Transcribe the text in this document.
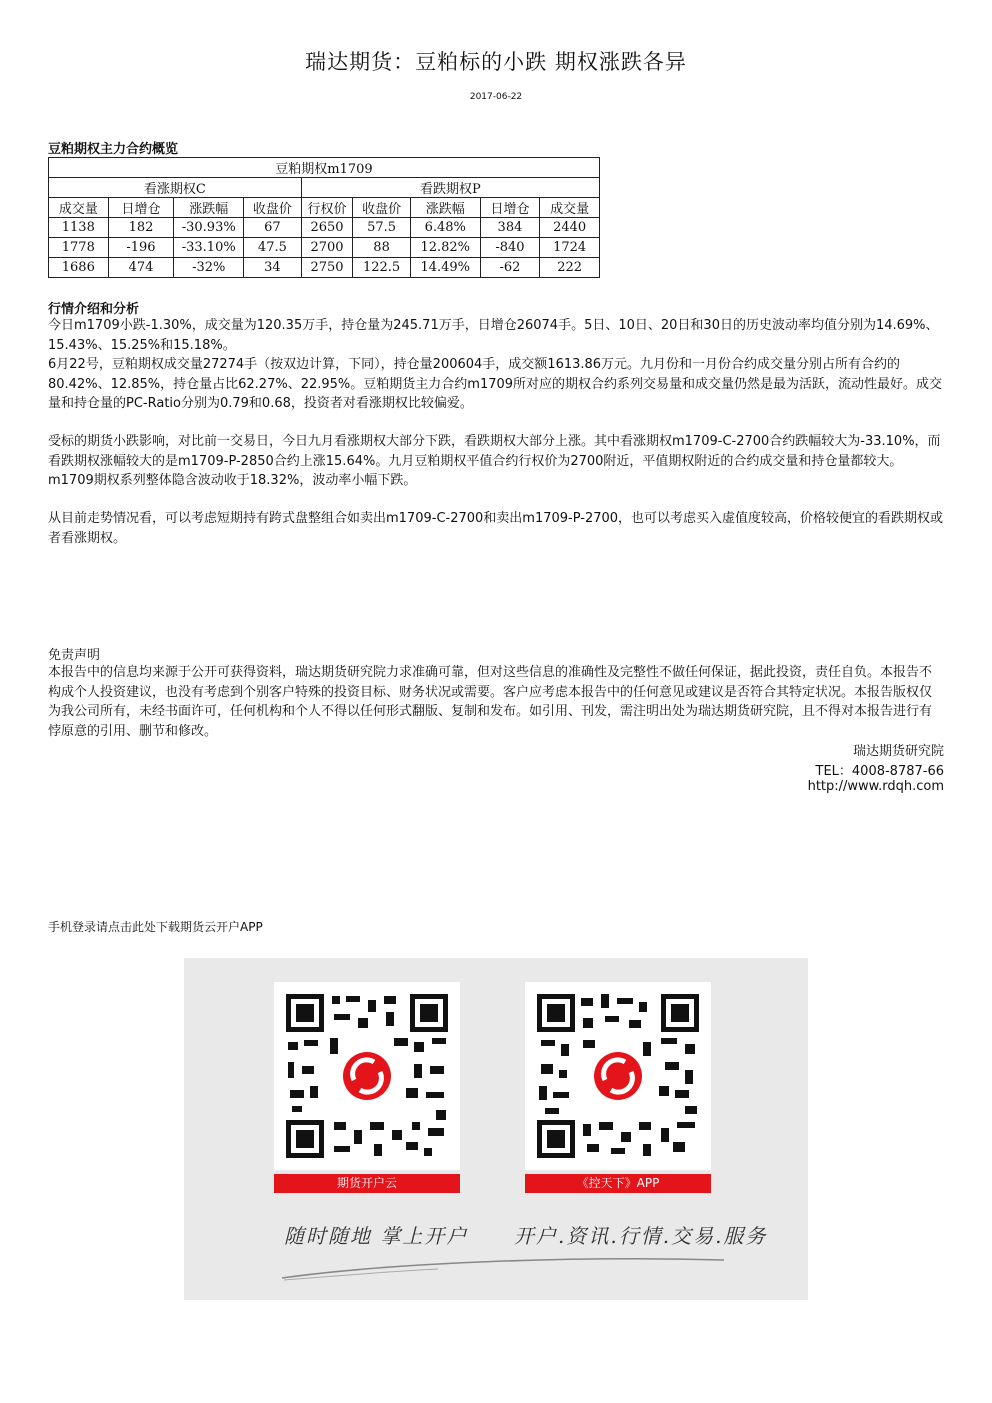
瑞达期货：豆粕标的小跌 期权涨跌各异
2017-06-22
豆粕期权主力合约概览
豆粕期权m1709								
看涨期权C				看跌期权P				
成交量	日增仓	涨跌幅	收盘价	行权价	收盘价	涨跌幅	日增仓	成交量
1138	182	-30.93%	67	2650	57.5	6.48%	384	2440
1778	-196	-33.10%	47.5	2700	88	12.82%	-840	1724
1686	474	-32%	34	2750	122.5	14.49%	-62	222
行情介绍和分析

今日m1709小跌-1.30%，成交量为120.35万手，持仓量为245.71万手，日增仓26074手。5日、10日、20日和30日的历史波动率均值分别为14.69%、15.43%、15.25%和15.18%。

6月22号，豆粕期权成交量27274手（按双边计算，下同），持仓量200604手，成交额1613.86万元。九月份和一月份合约成交量分别占所有合约的80.42%、12.85%，持仓量占比62.27%、22.95%。豆粕期货主力合约m1709所对应的期权合约系列交易量和成交量仍然是最为活跃，流动性最好。成交量和持仓量的PC-Ratio分别为0.79和0.68，投资者对看涨期权比较偏爱。

受标的期货小跌影响，对比前一交易日，今日九月看涨期权大部分下跌，看跌期权大部分上涨。其中看涨期权m1709-C-2700合约跌幅较大为-33.10%，而看跌期权涨幅较大的是m1709-P-2850合约上涨15.64%。九月豆粕期权平值合约行权价为2700附近，平值期权附近的合约成交量和持仓量都较大。m1709期权系列整体隐含波动收于18.32%，波动率小幅下跌。

从目前走势情况看，可以考虑短期持有跨式盘整组合如卖出m1709-C-2700和卖出m1709-P-2700，也可以考虑买入虚值度较高，价格较便宜的看跌期权或者看涨期权。

免责声明
本报告中的信息均来源于公开可获得资料，瑞达期货研究院力求准确可靠，但对这些信息的准确性及完整性不做任何保证，据此投资，责任自负。本报告不构成个人投资建议，也没有考虑到个别客户特殊的投资目标、财务状况或需要。客户应考虑本报告中的任何意见或建议是否符合其特定状况。本报告版权仅为我公司所有，未经书面许可，任何机构和个人不得以任何形式翻版、复制和发布。如引用、刊发，需注明出处为瑞达期货研究院，且不得对本报告进行有悖原意的引用、删节和修改。
瑞达期货研究院
TEL：4008-8787-66
http://www.rdqh.com
手机登录请点击此处下载期货云开户APP
期货开户云	《控天下》APP
随时随地 掌上开户 开户.资讯.行情.交易.服务
